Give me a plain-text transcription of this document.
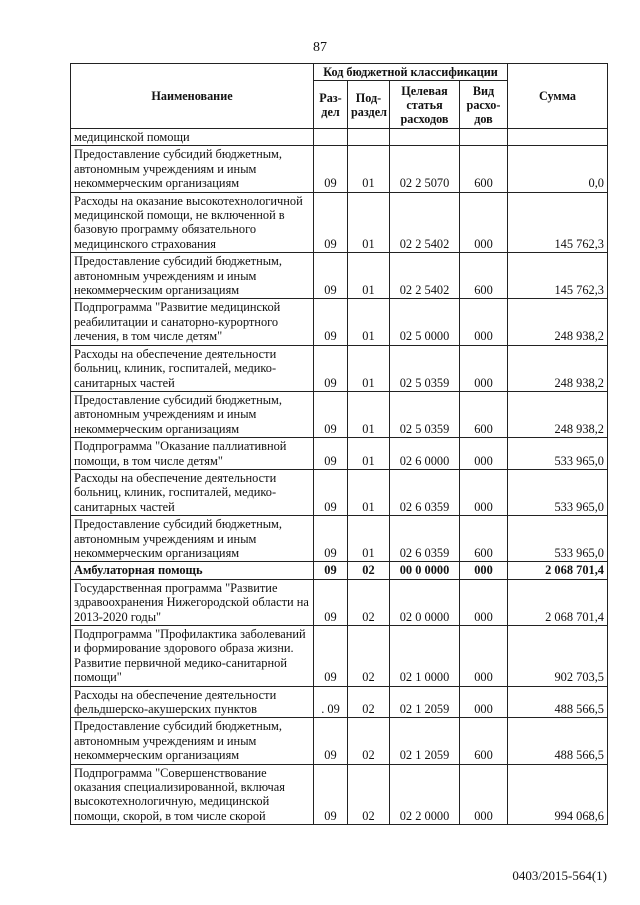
87
Наименование	Код бюджетной классификации				Сумма
	Раз-дел	Под-раздел	Целевая статья расходов	Вид расхо-дов	
медицинской помощи					
Предоставление субсидий бюджетным, автономным учреждениям и иным некоммерческим организациям	09	01	02 2 5070	600	0,0
Расходы на оказание высокотехнологичной медицинской помощи, не включенной в базовую программу обязательного медицинского страхования	09	01	02 2 5402	000	145 762,3
Предоставление субсидий бюджетным, автономным учреждениям и иным некоммерческим организациям	09	01	02 2 5402	600	145 762,3
Подпрограмма "Развитие медицинской реабилитации и санаторно-курортного лечения, в том числе детям"	09	01	02 5 0000	000	248 938,2
Расходы на обеспечение деятельности больниц, клиник, госпиталей, медико-санитарных частей	09	01	02 5 0359	000	248 938,2
Предоставление субсидий бюджетным, автономным учреждениям и иным некоммерческим организациям	09	01	02 5 0359	600	248 938,2
Подпрограмма "Оказание паллиативной помощи, в том числе детям"	09	01	02 6 0000	000	533 965,0
Расходы на обеспечение деятельности больниц, клиник, госпиталей, медико-санитарных частей	09	01	02 6 0359	000	533 965,0
Предоставление субсидий бюджетным, автономным учреждениям и иным некоммерческим организациям	09	01	02 6 0359	600	533 965,0
Амбулаторная помощь	09	02	00 0 0000	000	2 068 701,4
Государственная программа "Развитие здравоохранения Нижегородской области на 2013-2020 годы"	09	02	02 0 0000	000	2 068 701,4
Подпрограмма "Профилактика заболеваний и формирование здорового образа жизни. Развитие первичной медико-санитарной помощи"	09	02	02 1 0000	000	902 703,5
Расходы на обеспечение деятельности фельдшерско-акушерских пунктов	. 09	02	02 1 2059	000	488 566,5
Предоставление субсидий бюджетным, автономным учреждениям и иным некоммерческим организациям	09	02	02 1 2059	600	488 566,5
Подпрограмма "Совершенствование оказания специализированной, включая высокотехнологичную, медицинской помощи, скорой, в том числе скорой	09	02	02 2 0000	000	994 068,6
0403/2015-564(1)
